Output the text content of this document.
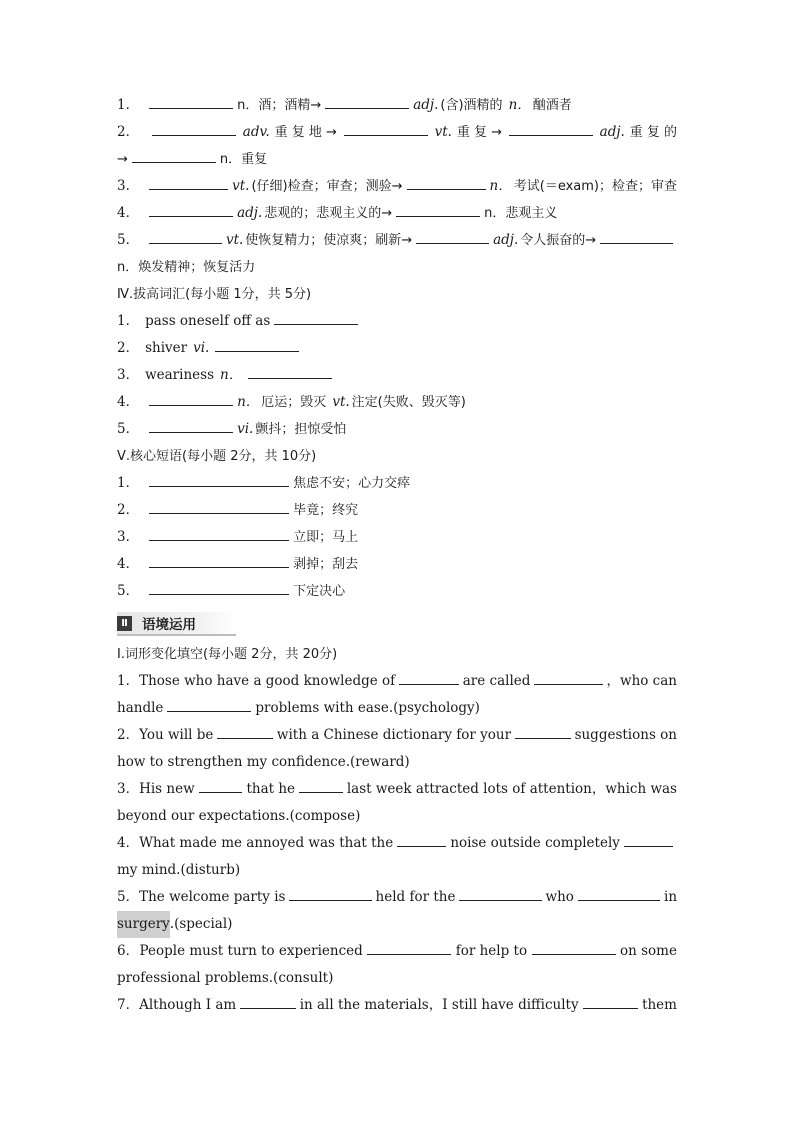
1．	n．酒；酒精→	adj. (含)酒精的 n． 酗酒者
2．	adv. 重 复 地 →	vt. 重 复 →	adj. 重 复 的
→	n．重复
3．	vt. (仔细)检查；审查；测验→	n． 考试(＝exam)；检查；审查
4．	adj. 悲观的；悲观主义的→	n．悲观主义
5．	vt. 使恢复精力；使凉爽；刷新→	adj. 令人振奋的→
n．焕发精神；恢复活力
Ⅳ.拔高词汇(每小题 1分，共 5分)
1． pass oneself off as
2． shiver vi.
3． weariness n．
4．	n． 厄运；毁灭 vt. 注定(失败、毁灭等)
5．	vi. 颤抖；担惊受怕
Ⅴ.核心短语(每小题 2分，共 10分)
1．	焦虑不安；心力交瘁
2．	毕竟；终究
3．	立即；马上
4．	剥掉；刮去
5．	下定决心
Ⅱ	语境运用
Ⅰ.词形变化填空(每小题 2分，共 20分)
1． Those who have a good knowledge of	are called	，who can
handle	problems with ease.(psychology)
2． You will be	with a Chinese dictionary for your	suggestions on
how to strengthen my confidence.(reward)
3． His new	that he	last week attracted lots of attention，which was
beyond our expectations.(compose)
4． What made me annoyed was that the	noise outside completely
my mind.(disturb)
5． The welcome party is	held for the	who	in
surgery .(special)
6． People must turn to experienced	for help to	on some
professional problems.(consult)
7． Although I am	in all the materials，I still have difficulty	them
